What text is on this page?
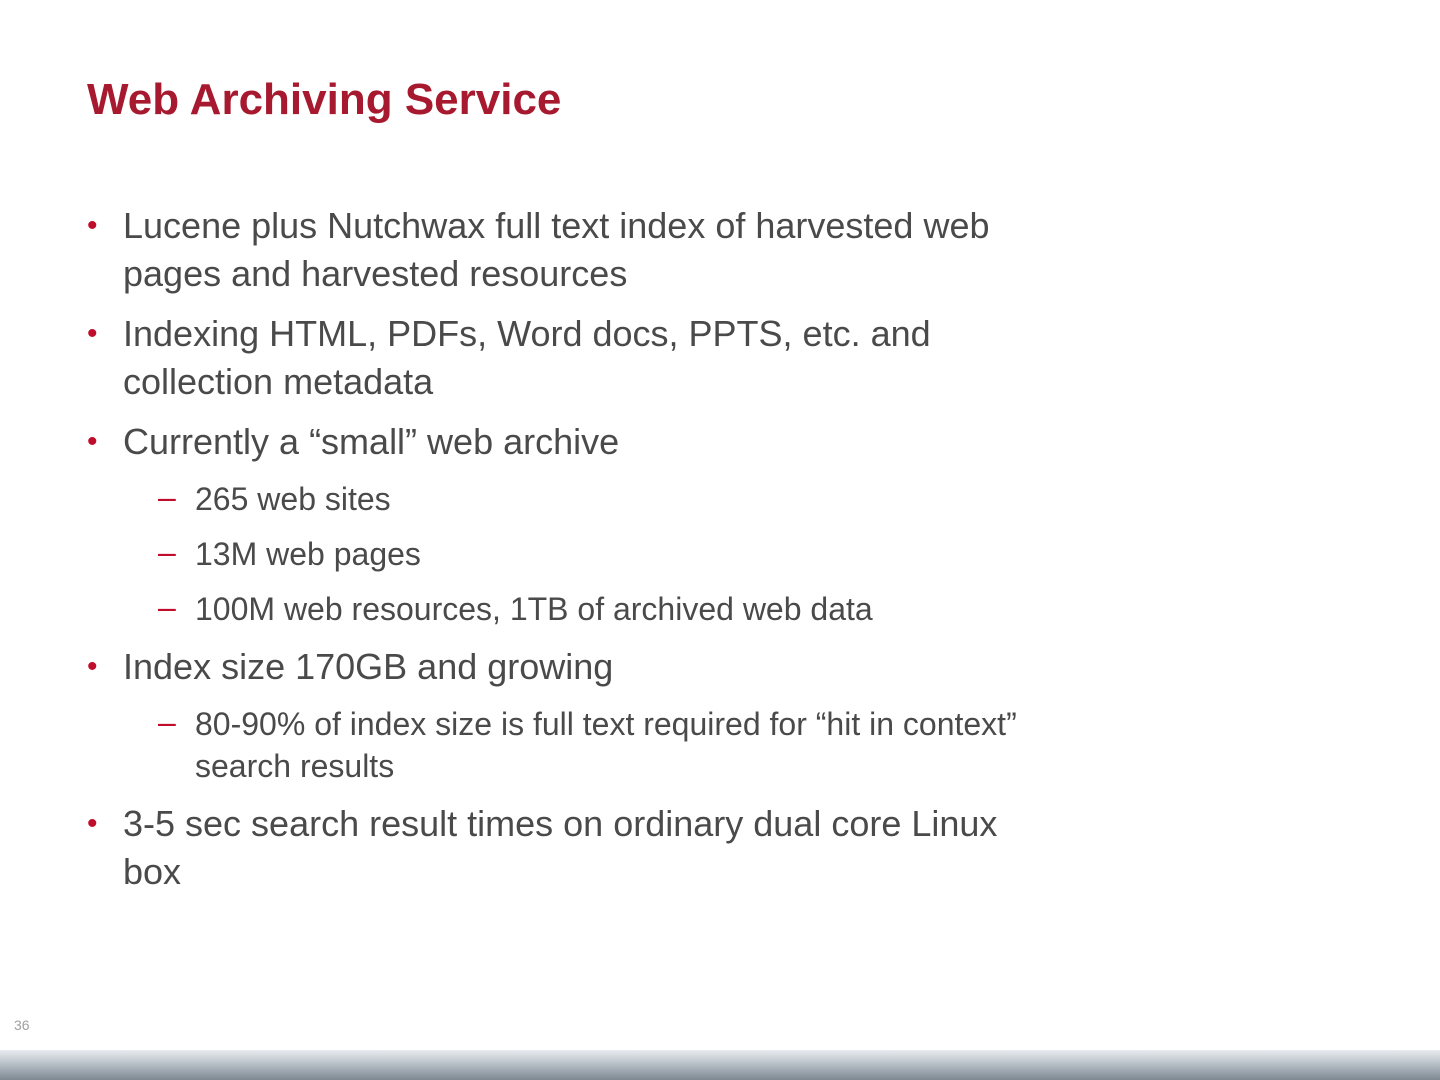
Web Archiving Service
• Lucene plus Nutchwax full text index of harvested web pages and harvested resources
• Indexing HTML, PDFs, Word docs, PPTS, etc. and collection metadata
• Currently a “small” web archive
– 265 web sites
– 13M web pages
– 100M web resources, 1TB of archived web data
• Index size 170GB and growing
– 80-90% of index size is full text required for “hit in context” search results
• 3-5 sec search result times on ordinary dual core Linux box
36
